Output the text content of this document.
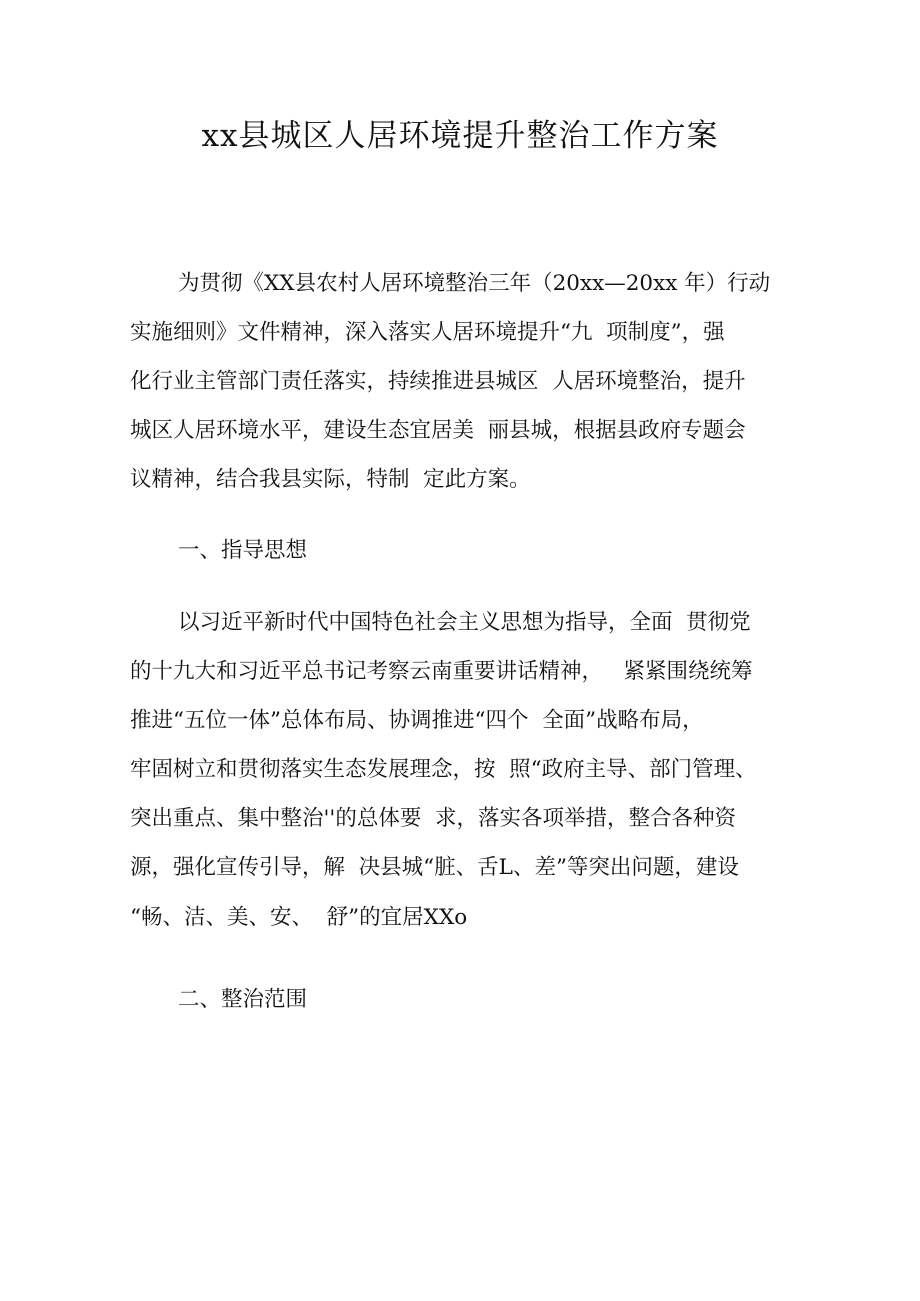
xx县城区人居环境提升整治工作方案

为贯彻《XX县农村人居环境整治三年（20xx—20xx 年）行动

实施细则》文件精神，深入落实人居环境提升“九  项制度”，强

化行业主管部门责任落实，持续推进县城区  人居环境整治，提升

城区人居环境水平，建设生态宜居美  丽县城，根据县政府专题会

议精神，结合我县实际，特制  定此方案。

一、指导思想

以习近平新时代中国特色社会主义思想为指导，全面  贯彻党

的十九大和习近平总书记考察云南重要讲话精神，   紧紧围绕统筹

推进“五位一体”总体布局、协调推进“四个  全面”战略布局，

牢固树立和贯彻落实生态发展理念，按  照“政府主导、部门管理、

突出重点、集中整治''的总体要  求，落实各项举措，整合各种资

源，强化宣传引导，解  决县城“脏、舌L、差”等突出问题，建设

“畅、洁、美、安、  舒”的宜居XXo

二、整治范围
